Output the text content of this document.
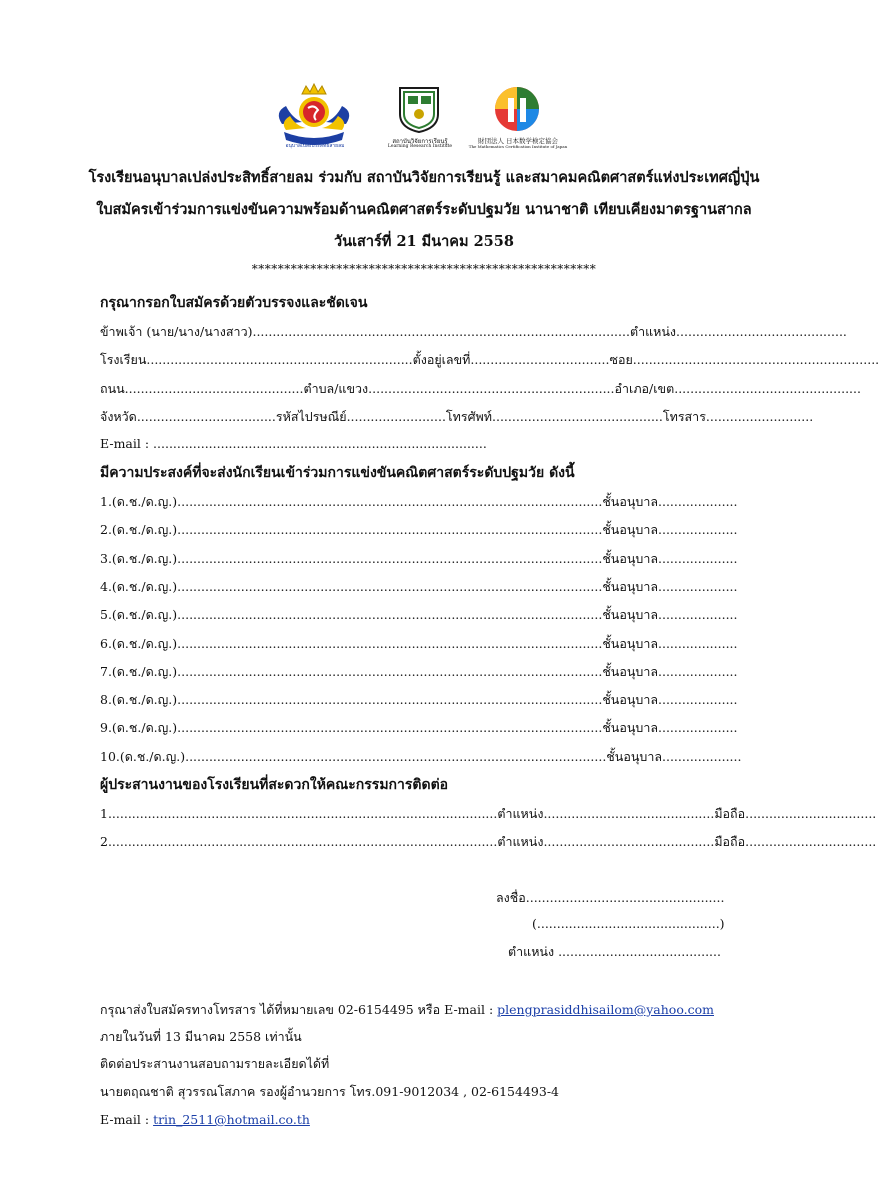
อนุบาลเปล่งประสิทธิ์สายลม
สถาบันวิจัยการเรียนรู้
Learning Research Institute
財団法人 日本数学検定協会
The Mathematics Certification Institute of Japan
โรงเรียนอนุบาลเปล่งประสิทธิ์สายลม ร่วมกับ สถาบันวิจัยการเรียนรู้ และสมาคมคณิตศาสตร์แห่งประเทศญี่ปุ่น
ใบสมัครเข้าร่วมการแข่งขันความพร้อมด้านคณิตศาสตร์ระดับปฐมวัย นานาชาติ เทียบเคียงมาตรฐานสากล
วันเสาร์ที่ 21 มีนาคม 2558
*****************************************************
กรุณากรอกใบสมัครด้วยตัวบรรจงและชัดเจน
ข้าพเจ้า (นาย/นาง/นางสาว)...............................................................................................ตำแหน่ง...........................................
โรงเรียน...................................................................ตั้งอยู่เลขที่...................................ซอย..............................................................
ถนน.............................................ตำบล/แขวง..............................................................อำเภอ/เขต...............................................
จังหวัด...................................รหัสไปรษณีย์.........................โทรศัพท์...........................................โทรสาร...........................
E-mail : ....................................................................................
มีความประสงค์ที่จะส่งนักเรียนเข้าร่วมการแข่งขันคณิตศาสตร์ระดับปฐมวัย ดังนี้
1.(ด.ช./ด.ญ.)...........................................................................................................ชั้นอนุบาล....................
2.(ด.ช./ด.ญ.)...........................................................................................................ชั้นอนุบาล....................
3.(ด.ช./ด.ญ.)...........................................................................................................ชั้นอนุบาล....................
4.(ด.ช./ด.ญ.)...........................................................................................................ชั้นอนุบาล....................
5.(ด.ช./ด.ญ.)...........................................................................................................ชั้นอนุบาล....................
6.(ด.ช./ด.ญ.)...........................................................................................................ชั้นอนุบาล....................
7.(ด.ช./ด.ญ.)...........................................................................................................ชั้นอนุบาล....................
8.(ด.ช./ด.ญ.)...........................................................................................................ชั้นอนุบาล....................
9.(ด.ช./ด.ญ.)...........................................................................................................ชั้นอนุบาล....................
10.(ด.ช./ด.ญ.)..........................................................................................................ชั้นอนุบาล....................
ผู้ประสานงานของโรงเรียนที่สะดวกให้คณะกรรมการติดต่อ
1..................................................................................................ตำแหน่ง...........................................มือถือ.................................
2..................................................................................................ตำแหน่ง...........................................มือถือ.................................
ลงชื่อ..................................................
(..............................................)
ตำแหน่ง .........................................
กรุณาส่งใบสมัครทางโทรสาร ได้ที่หมายเลข 02-6154495 หรือ E-mail : plengprasiddhisailom@yahoo.com
ภายในวันที่ 13 มีนาคม 2558 เท่านั้น
ติดต่อประสานงานสอบถามรายละเอียดได้ที่
นายตฤณชาติ สุวรรณโสภาค รองผู้อำนวยการ โทร.091-9012034 , 02-6154493-4
E-mail : trin_2511@hotmail.co.th
